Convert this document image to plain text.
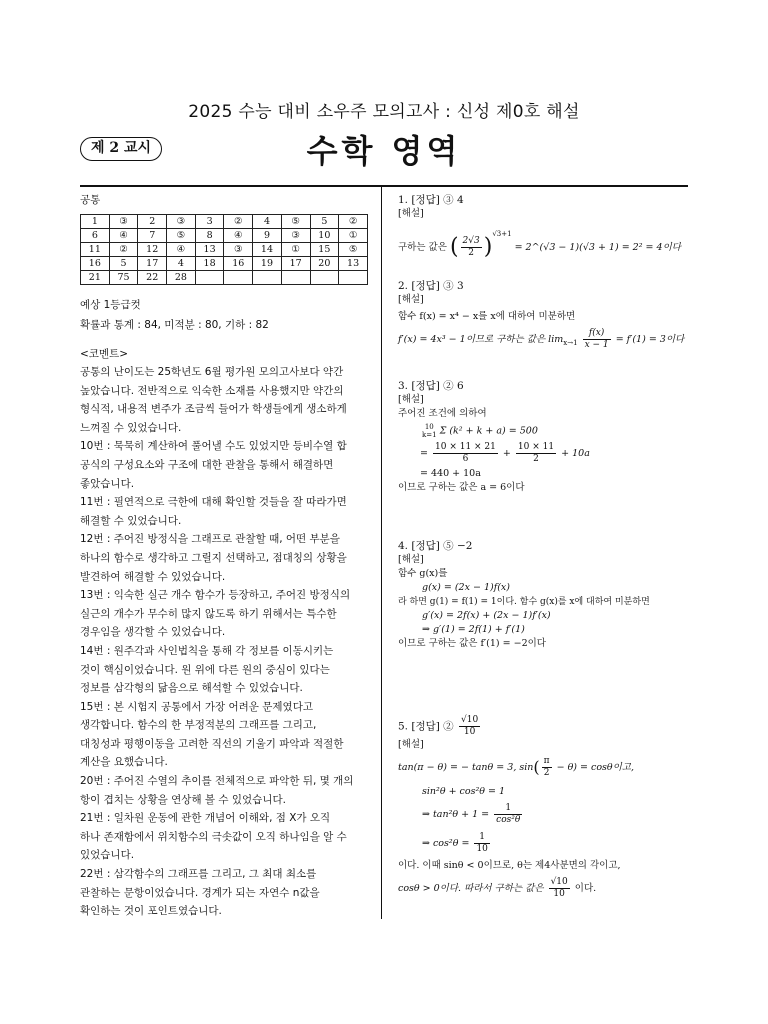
2025 수능 대비 소우주 모의고사 : 신성 제0호 해설
제 2 교시	수학 영역
공통
1	③	2	③	3	②	4	⑤	5	②
6	④	7	⑤	8	④	9	③	10	①
11	②	12	④	13	③	14	①	15	⑤
16	5	17	4	18	16	19	17	20	13
21	75	22	28						
예상 1등급컷
확률과 통계 : 84, 미적분 : 80, 기하 : 82
<코멘트>
공통의 난이도는 25학년도 6월 평가원 모의고사보다 약간
높았습니다. 전반적으로 익숙한 소재를 사용했지만 약간의
형식적, 내용적 변주가 조금씩 들어가 학생들에게 생소하게
느껴질 수 있었습니다.
10번 : 묵묵히 계산하여 풀어낼 수도 있었지만 등비수열 합
공식의 구성요소와 구조에 대한 관찰을 통해서 해결하면
좋았습니다.
11번 : 필연적으로 극한에 대해 확인할 것들을 잘 따라가면
해결할 수 있었습니다.
12번 : 주어진 방정식을 그래프로 관찰할 때, 어떤 부분을
하나의 함수로 생각하고 그릴지 선택하고, 점대칭의 상황을
발견하여 해결할 수 있었습니다.
13번 : 익숙한 실근 개수 함수가 등장하고, 주어진 방정식의
실근의 개수가 무수히 많지 않도록 하기 위해서는 특수한
경우임을 생각할 수 있었습니다.
14번 : 원주각과 사인법칙을 통해 각 정보를 이동시키는
것이 핵심이었습니다. 원 위에 다른 원의 중심이 있다는
정보를 삼각형의 닮음으로 해석할 수 있었습니다.
15번 : 본 시험지 공통에서 가장 어려운 문제였다고
생각합니다. 함수의 한 부정적분의 그래프를 그리고,
대칭성과 평행이동을 고려한 직선의 기울기 파악과 적절한
계산을 요했습니다.
20번 : 주어진 수열의 추이를 전체적으로 파악한 뒤, 몇 개의
항이 겹치는 상황을 연상해 볼 수 있었습니다.
21번 : 일차원 운동에 관한 개념어 이해와, 점 X가 오직
하나 존재함에서 위치함수의 극솟값이 오직 하나임을 알 수
있었습니다.
22번 : 삼각함수의 그래프를 그리고, 그 최대 최소를
관찰하는 문항이었습니다. 경계가 되는 자연수 n값을
확인하는 것이 포인트였습니다.
1. [정답] ③ 4
[해설]
구하는 값은 ( $\frac{2√3}{2} )^{√3+1}$ = 2^(√3 − 1)(√3 + 1) = 2² = 4이다
2. [정답] ③ 3
[해설]
함수 f(x) = x⁴ − x를 x에 대하여 미분하면
f′(x) = 4x³ − 1이므로 구하는 값은 $\lim_{x\to 1} \frac{f(x)}{x - 1} = f'(1) = 3$이다
3. [정답] ② 6
[해설]
주어진 조건에 의하여
10
k=1 Σ (k² + k + a) = 500
= $\frac{10 \times 11 \times 21}{6} + \frac{10 \times 11}{2} + 10a$
= 440 + 10a
이므로 구하는 값은 a = 6이다
4. [정답] ⑤ −2
[해설]
함수 g(x)를
g(x) = (2x − 1)f(x)
라 하면 g(1) = f(1) = 1이다. 함수 g(x)를 x에 대하여 미분하면
g′(x) = 2f(x) + (2x − 1)f′(x)
⇒ g′(1) = 2f(1) + f′(1)
이므로 구하는 값은 f′(1) = −2이다
5. [정답] ② $\frac{√10}{10}$
[해설]
tan(π − θ) = − tanθ = 3, $\sin( \frac{\pi}{2} - \theta) = \cos\theta$이고,
sin²θ + cos²θ = 1
⇒ $\tan^2\theta + 1 = \frac{1}{\text{cos²θ}}$
⇒ $\cos^2\theta = \frac{1}{10}$
이다. 이때 sinθ < 0이므로, θ는 제4사분면의 각이고,
cosθ > 0이다. 따라서 구하는 값은 $\frac{√10}{10}$ 이다.
